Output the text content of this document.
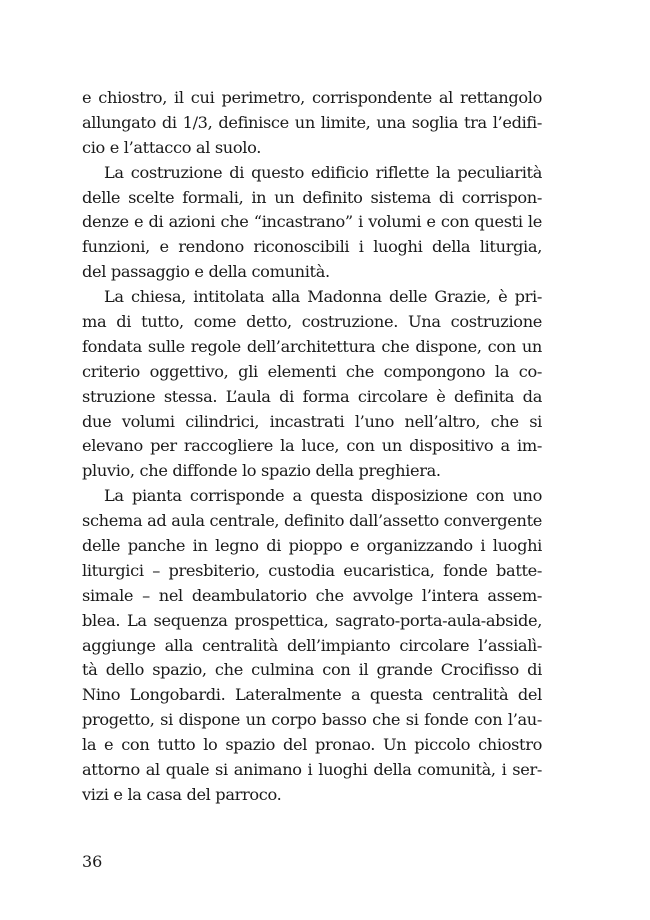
e chiostro, il cui perimetro, corrispondente al rettangolo
allungato di 1/3, definisce un limite, una soglia tra l’edifi-
cio e l’attacco al suolo.
La costruzione di questo edificio riflette la peculiarità
delle scelte formali, in un definito sistema di corrispon-
denze e di azioni che “incastrano” i volumi e con questi le
funzioni, e rendono riconoscibili i luoghi della liturgia,
del passaggio e della comunità.
La chiesa, intitolata alla Madonna delle Grazie, è pri-
ma di tutto, come detto, costruzione. Una costruzione
fondata sulle regole dell’architettura che dispone, con un
criterio oggettivo, gli elementi che compongono la co-
struzione stessa. L’aula di forma circolare è definita da
due volumi cilindrici, incastrati l’uno nell’altro, che si
elevano per raccogliere la luce, con un dispositivo a im-
pluvio, che diffonde lo spazio della preghiera.
La pianta corrisponde a questa disposizione con uno
schema ad aula centrale, definito dall’assetto convergente
delle panche in legno di pioppo e organizzando i luoghi
liturgici – presbiterio, custodia eucaristica, fonde batte-
simale – nel deambulatorio che avvolge l’intera assem-
blea. La sequenza prospettica, sagrato-porta-aula-abside,
aggiunge alla centralità dell’impianto circolare l’assialì-
tà dello spazio, che culmina con il grande Crocifisso di
Nino Longobardi. Lateralmente a questa centralità del
progetto, si dispone un corpo basso che si fonde con l’au-
la e con tutto lo spazio del pronao. Un piccolo chiostro
attorno al quale si animano i luoghi della comunità, i ser-
vizi e la casa del parroco.
36
